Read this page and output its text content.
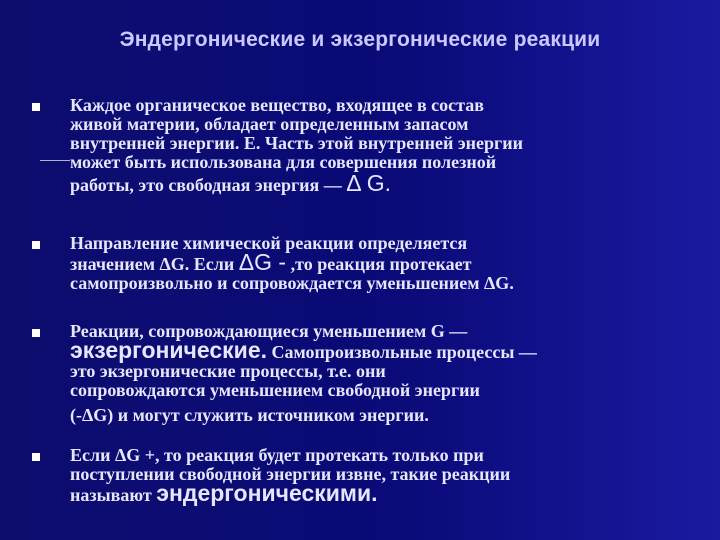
Эндергонические и экзергонические реакции
Каждое органическое вещество, входящее в состав
живой материи, обладает определенным запасом
внутренней энергии. Е. Часть этой внутренней энергии
может быть использована для совершения полезной
работы, это свободная энергия — Δ G.
Направление химической реакции определяется
значением ΔG. Если ΔG - ,то реакция протекает
самопроизвольно и сопровождается уменьшением ΔG.
Реакции, сопровождающиеся уменьшением G —
экзергонические. Самопроизвольные процессы —
это экзергонические процессы, т.е. они
сопровождаются уменьшением свободной энергии
(-ΔG) и могут служить источником энергии.
Если ΔG +, то реакция будет протекать только при
поступлении свободной энергии извне, такие реакции
называют эндергоническими.
